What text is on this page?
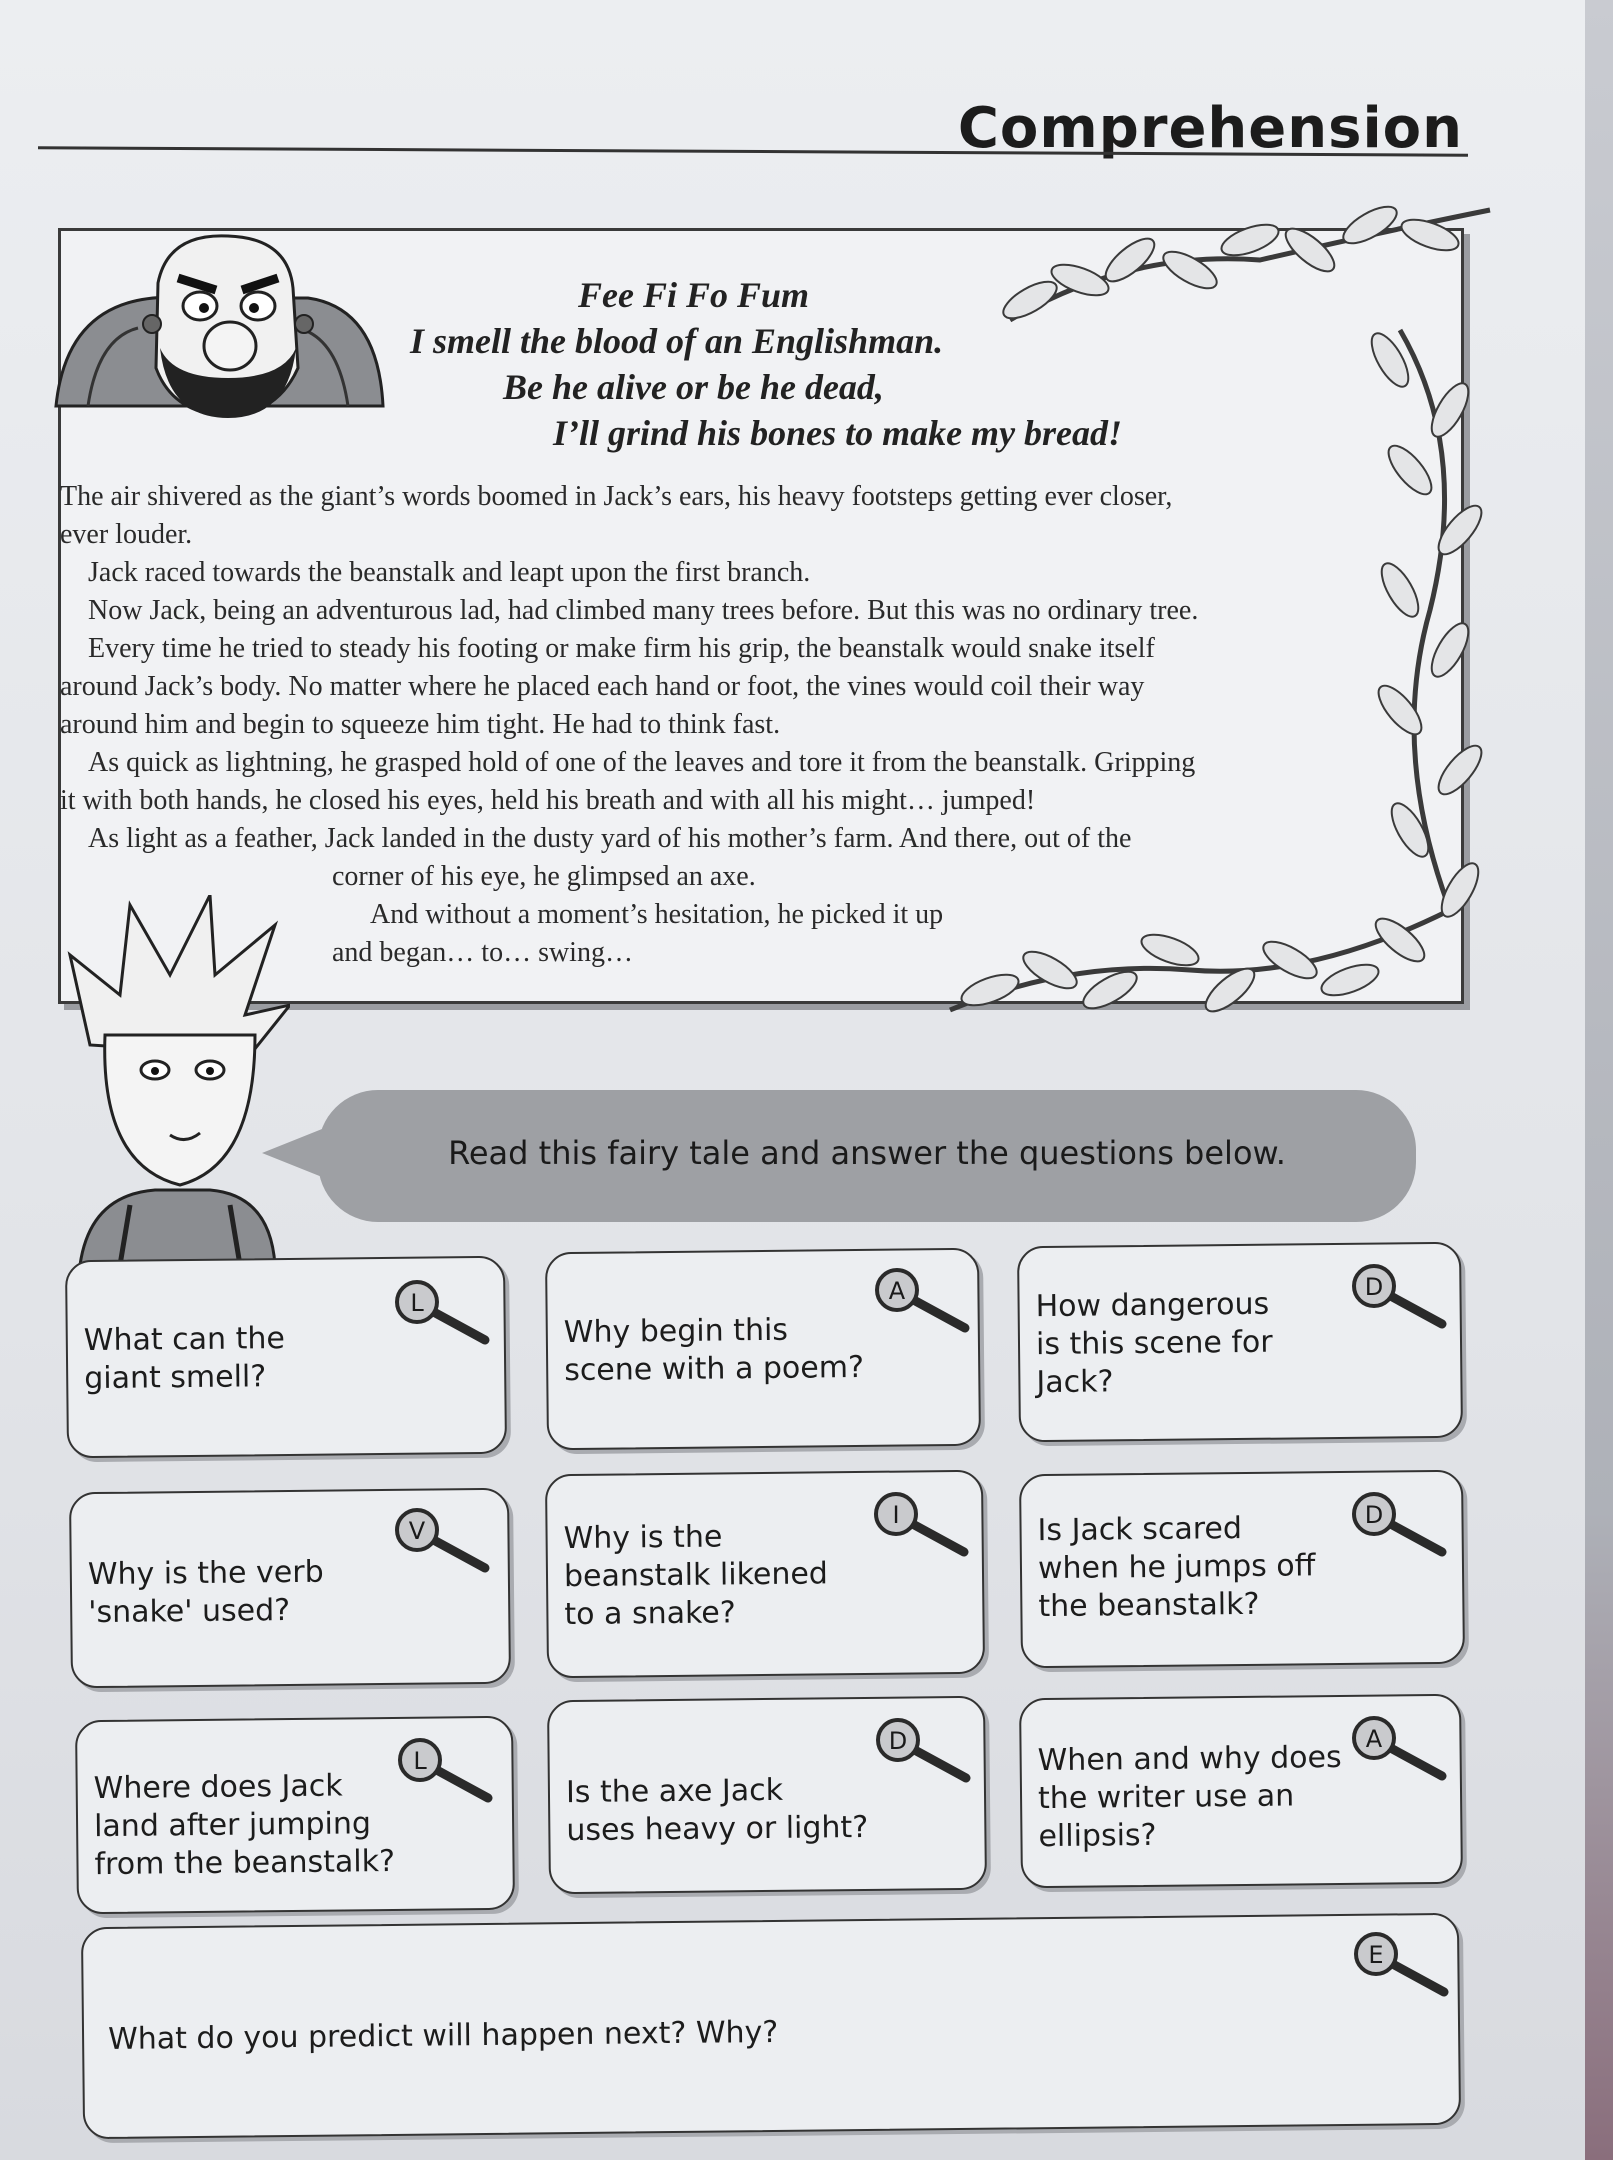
Comprehension
Fee Fi Fo Fum
I smell the blood of an Englishman.
Be he alive or be he dead,
I’ll grind his bones to make my bread!

The air shivered as the giant’s words boomed in Jack’s ears, his heavy footsteps getting ever closer,

ever louder.

Jack raced towards the beanstalk and leapt upon the first branch.

Now Jack, being an adventurous lad, had climbed many trees before. But this was no ordinary tree.

Every time he tried to steady his footing or make firm his grip, the beanstalk would snake itself

around Jack’s body. No matter where he placed each hand or foot, the vines would coil their way

around him and begin to squeeze him tight. He had to think fast.

As quick as lightning, he grasped hold of one of the leaves and tore it from the beanstalk. Gripping

it with both hands, he closed his eyes, held his breath and with all his might… jumped!

As light as a feather, Jack landed in the dusty yard of his mother’s farm. And there, out of the

corner of his eye, he glimpsed an axe.

And without a moment’s hesitation, he picked it up

and began… to… swing…

Read this fairy tale and answer the questions below.
What can the
giant smell?
Why begin this
scene with a poem?
How dangerous
is this scene for
Jack?
Why is the verb
'snake' used?
Why is the
beanstalk likened
to a snake?
Is Jack scared
when he jumps off
the beanstalk?
Where does Jack
land after jumping
from the beanstalk?
Is the axe Jack
uses heavy or light?
When and why does
the writer use an
ellipsis?
What do you predict will happen next? Why?
L	A	D
V
I	D
L
D	A
E
